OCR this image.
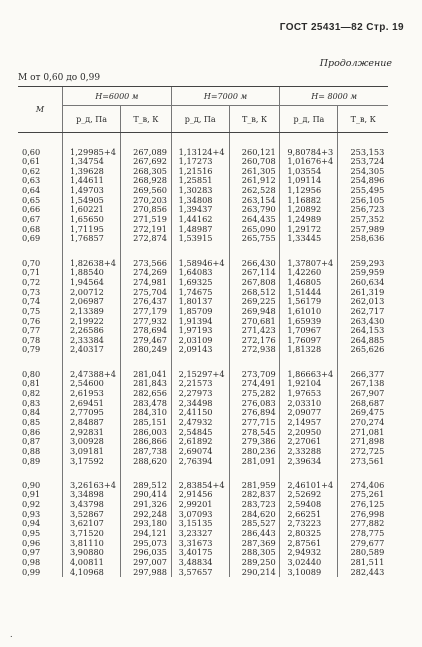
ГОСТ 25431—82 Стр. 19
Продолжение
M от 0,60 до 0,99
M	H=6000 м		H=7000 м		H= 8000 м	
	p_д, Па	T_в, К	p_д, Па	T_в, К	p_д, Па	T_в, К

0,60	1,29985+4	267,089	1,13124+4	260,121	9,80784+3	253,153
0,61	1,34754	267,692	1,17273	260,708	1,01676+4	253,724
0,62	1,39628	268,305	1,21516	261,305	1,03554	254,305
0,63	1,44611	268,928	1,25851	261,912	1,09114	254,896
0,64	1,49703	269,560	1,30283	262,528	1,12956	255,495
0,65	1,54905	270,203	1,34808	263,154	1,16882	256,105
0,66	1,60221	270,856	1,39437	263,790	1,20892	256,723
0,67	1,65650	271,519	1,44162	264,435	1,24989	257,352
0,68	1,71195	272,191	1,48987	265,090	1,29172	257,989
0,69	1,76857	272,874	1,53915	265,755	1,33445	258,636

0,70	1,82638+4	273,566	1,58946+4	266,430	1,37807+4	259,293
0,71	1,88540	274,269	1,64083	267,114	1,42260	259,959
0,72	1,94564	274,981	1,69325	267,808	1,46805	260,634
0,73	2,00712	275,704	1,74675	268,512	1,51444	261,319
0,74	2,06987	276,437	1,80137	269,225	1,56179	262,013
0,75	2,13389	277,179	1,85709	269,948	1,61010	262,717
0,76	2,19922	277,932	1,91394	270,681	1,65939	263,430
0,77	2,26586	278,694	1,97193	271,423	1,70967	264,153
0,78	2,33384	279,467	2,03109	272,176	1,76097	264,885
0,79	2,40317	280,249	2,09143	272,938	1,81328	265,626

0,80	2,47388+4	281,041	2,15297+4	273,709	1,86663+4	266,377
0,81	2,54600	281,843	2,21573	274,491	1,92104	267,138
0,82	2,61953	282,656	2,27973	275,282	1,97653	267,907
0,83	2,69451	283,478	2,34498	276,083	2,03310	268,687
0,84	2,77095	284,310	2,41150	276,894	2,09077	269,475
0,85	2,84887	285,151	2,47932	277,715	2,14957	270,274
0,86	2,92831	286,003	2,54845	278,545	2,20950	271,081
0,87	3,00928	286,866	2,61892	279,386	2,27061	271,898
0,88	3,09181	287,738	2,69074	280,236	2,33288	272,725
0,89	3,17592	288,620	2,76394	281,091	2,39634	273,561

0,90	3,26163+4	289,512	2,83854+4	281,959	2,46101+4	274,406
0,91	3,34898	290,414	2,91456	282,837	2,52692	275,261
0,92	3,43798	291,326	2,99201	283,723	2,59408	276,125
0,93	3,52867	292,248	3,07093	284,620	2,66251	276,998
0,94	3,62107	293,180	3,15135	285,527	2,73223	277,882
0,95	3,71520	294,121	3,23327	286,443	2,80325	278,775
0,96	3,81110	295,073	3,31673	287,369	2,87561	279,677
0,97	3,90880	296,035	3,40175	288,305	2,94932	280,589
0,98	4,00811	297,007	3,48834	289,250	3,02440	281,511
0,99	4,10968	297,988	3,57657	290,214	3,10089	282,443
.
